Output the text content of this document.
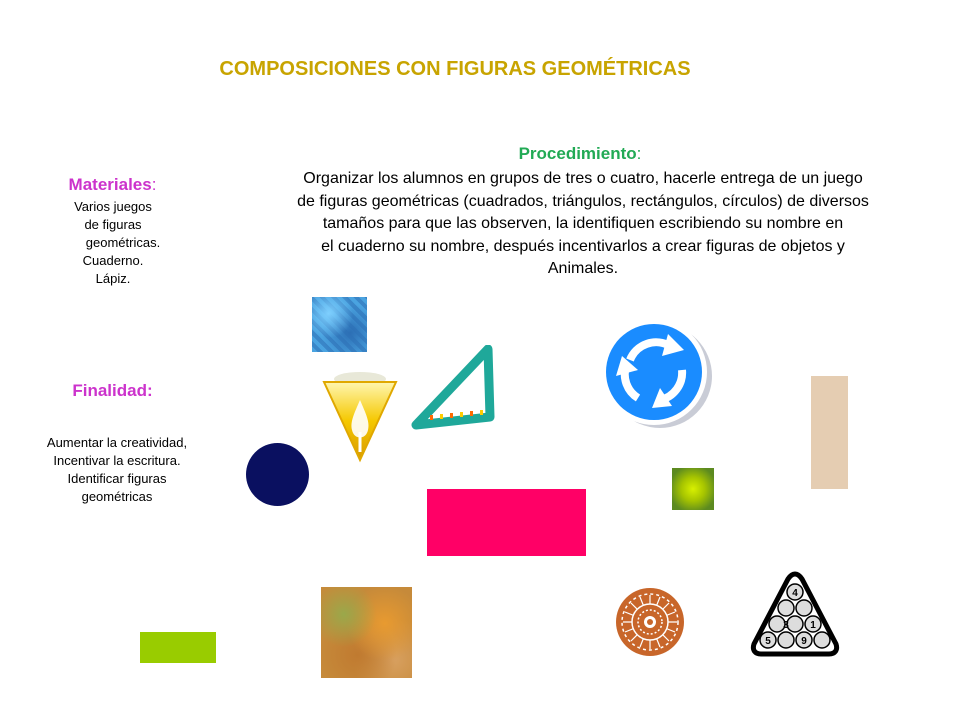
COMPOSICIONES CON FIGURAS GEOMÉTRICAS
Materiales:
Varios juegos
de figuras
geométricas.
Cuaderno.
Lápiz.
Finalidad:
Aumentar la creatividad,
Incentivar la escritura.
Identificar figuras
geométricas
Procedimiento:
Organizar los alumnos en grupos de tres o cuatro, hacerle entrega de un juego
de figuras geométricas (cuadrados, triángulos, rectángulos, círculos) de diversos
tamaños para que las observen, la identifiquen escribiendo su nombre en
el cuaderno su nombre, después incentivarlos a crear figuras de objetos y
Animales.
4
3 1
5	9
